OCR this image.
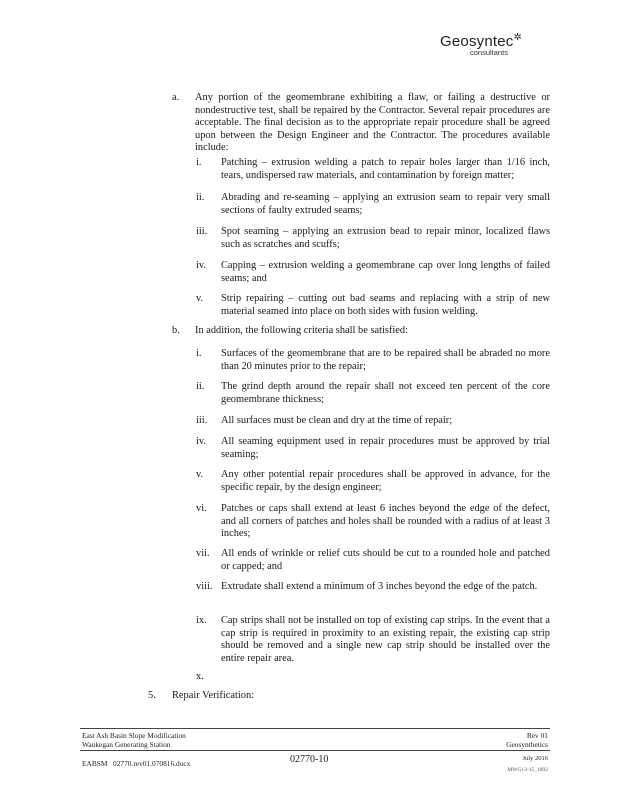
Geosyntec✲
consultants
a. Any portion of the geomembrane exhibiting a flaw, or failing a destructive or nondestructive test, shall be repaired by the Contractor. Several repair procedures are acceptable. The final decision as to the appropriate repair procedure shall be agreed upon between the Design Engineer and the Contractor. The procedures available include:
i. Patching – extrusion welding a patch to repair holes larger than 1/16 inch, tears, undispersed raw materials, and contamination by foreign matter;
ii. Abrading and re-seaming – applying an extrusion seam to repair very small sections of faulty extruded seams;
iii. Spot seaming – applying an extrusion bead to repair minor, localized flaws such as scratches and scuffs;
iv. Capping – extrusion welding a geomembrane cap over long lengths of failed seams; and
v. Strip repairing – cutting out bad seams and replacing with a strip of new material seamed into place on both sides with fusion welding.
b. In addition, the following criteria shall be satisfied:
i. Surfaces of the geomembrane that are to be repaired shall be abraded no more than 20 minutes prior to the repair;
ii. The grind depth around the repair shall not exceed ten percent of the core geomembrane thickness;
iii. All surfaces must be clean and dry at the time of repair;
iv. All seaming equipment used in repair procedures must be approved by trial seaming;
v. Any other potential repair procedures shall be approved in advance, for the specific repair, by the design engineer;
vi. Patches or caps shall extend at least 6 inches beyond the edge of the defect, and all corners of patches and holes shall be rounded with a radius of at least 3 inches;
vii. All ends of wrinkle or relief cuts should be cut to a rounded hole and patched or capped; and
viii. Extrudate shall extend a minimum of 3 inches beyond the edge of the patch.
ix. Cap strips shall not be installed on top of existing cap strips. In the event that a cap strip is required in proximity to an existing repair, the existing cap strip should be removed and a single new cap strip should be installed over the entire repair area.
x.
5. Repair Verification:
East Ash Basin Slope Modification
Waukegan Generating Station
Rev 01
Geosynthetics
EABSM   02770.rev01.070816.docx	02770-10	July 2016
MWG13-15_1892
